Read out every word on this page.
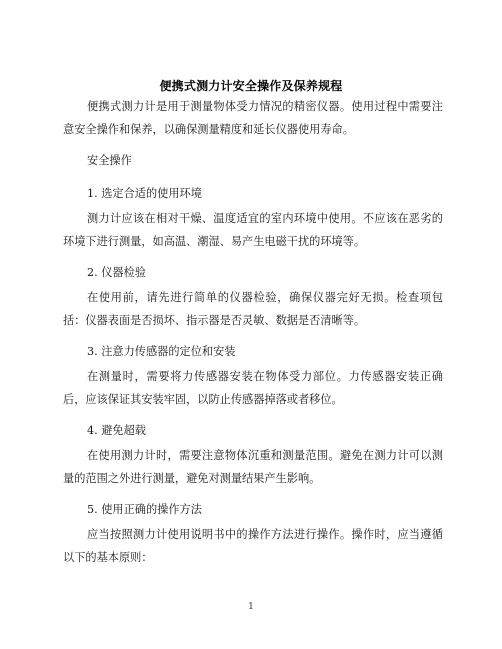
便携式测力计安全操作及保养规程
便携式测力计是用于测量物体受力情况的精密仪器。使用过程中需要注意安全操作和保养，以确保测量精度和延长仪器使用寿命。
安全操作
1. 选定合适的使用环境
测力计应该在相对干燥、温度适宜的室内环境中使用。不应该在恶劣的环境下进行测量，如高温、潮湿、易产生电磁干扰的环境等。
2. 仪器检验
在使用前，请先进行简单的仪器检验，确保仪器完好无损。检查项包括：仪器表面是否损坏、指示器是否灵敏、数据是否清晰等。
3. 注意力传感器的定位和安装
在测量时，需要将力传感器安装在物体受力部位。力传感器安装正确后，应该保证其安装牢固，以防止传感器掉落或者移位。
4. 避免超载
在使用测力计时，需要注意物体沉重和测量范围。避免在测力计可以测量的范围之外进行测量，避免对测量结果产生影响。
5. 使用正确的操作方法
应当按照测力计使用说明书中的操作方法进行操作。操作时，应当遵循以下的基本原则：
1
